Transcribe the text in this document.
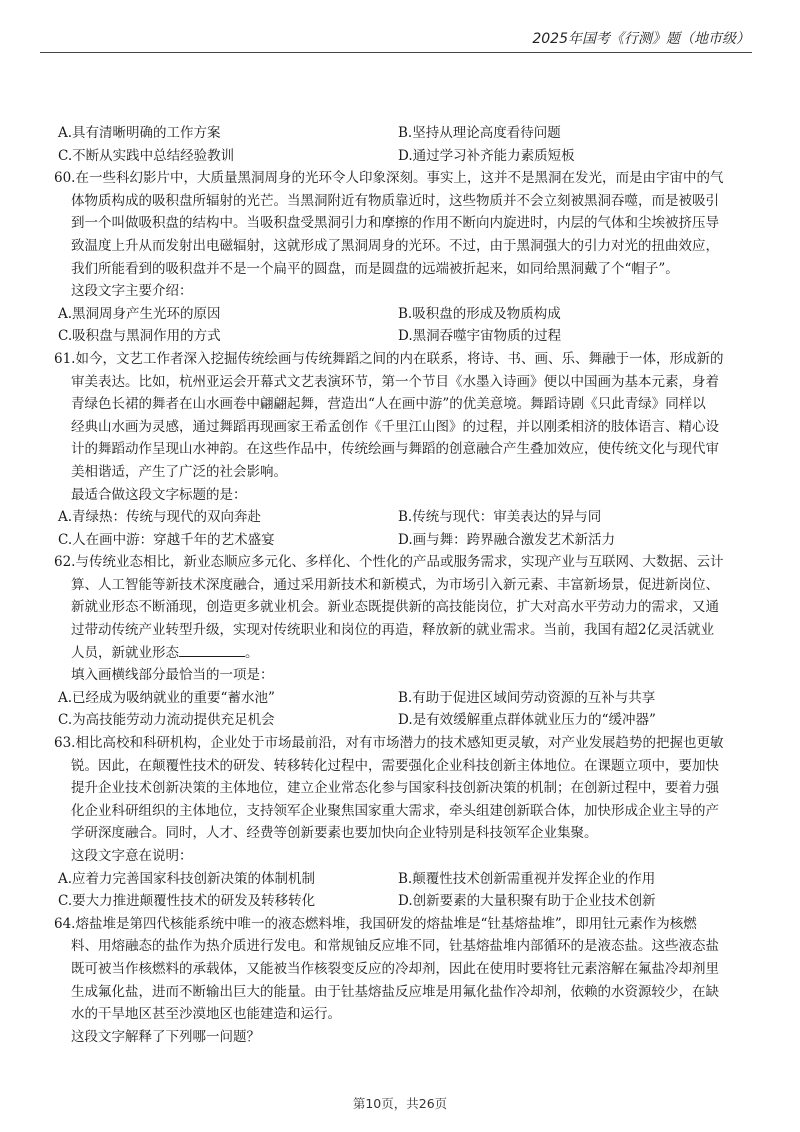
2025年国考《行测》题（地市级）
A.具有清晰明确的工作方案	B.坚持从理论高度看待问题
C.不断从实践中总结经验教训	D.通过学习补齐能力素质短板
60.在一些科幻影片中，大质量黑洞周身的光环令人印象深刻。事实上，这并不是黑洞在发光，而是由宇宙中的气
体物质构成的吸积盘所辐射的光芒。当黑洞附近有物质靠近时，这些物质并不会立刻被黑洞吞噬，而是被吸引
到一个叫做吸积盘的结构中。当吸积盘受黑洞引力和摩擦的作用不断向内旋进时，内层的气体和尘埃被挤压导
致温度上升从而发射出电磁辐射，这就形成了黑洞周身的光环。不过，由于黑洞强大的引力对光的扭曲效应，
我们所能看到的吸积盘并不是一个扁平的圆盘，而是圆盘的远端被折起来，如同给黑洞戴了个“帽子”。
这段文字主要介绍：
A.黑洞周身产生光环的原因	B.吸积盘的形成及物质构成
C.吸积盘与黑洞作用的方式	D.黑洞吞噬宇宙物质的过程
61.如今，文艺工作者深入挖掘传统绘画与传统舞蹈之间的内在联系，将诗、书、画、乐、舞融于一体，形成新的
审美表达。比如，杭州亚运会开幕式文艺表演环节，第一个节目《水墨入诗画》便以中国画为基本元素，身着
青绿色长裙的舞者在山水画卷中翩翩起舞，营造出“人在画中游”的优美意境。舞蹈诗剧《只此青绿》同样以
经典山水画为灵感，通过舞蹈再现画家王希孟创作《千里江山图》的过程，并以刚柔相济的肢体语言、精心设
计的舞蹈动作呈现山水神韵。在这些作品中，传统绘画与舞蹈的创意融合产生叠加效应，使传统文化与现代审
美相谐适，产生了广泛的社会影响。
最适合做这段文字标题的是：
A.青绿热：传统与现代的双向奔赴	B.传统与现代：审美表达的异与同
C.人在画中游：穿越千年的艺术盛宴	D.画与舞：跨界融合激发艺术新活力
62.与传统业态相比，新业态顺应多元化、多样化、个性化的产品或服务需求，实现产业与互联网、大数据、云计
算、人工智能等新技术深度融合，通过采用新技术和新模式，为市场引入新元素、丰富新场景，促进新岗位、
新就业形态不断涌现，创造更多就业机会。新业态既提供新的高技能岗位，扩大对高水平劳动力的需求，又通
过带动传统产业转型升级，实现对传统职业和岗位的再造，释放新的就业需求。当前，我国有超2亿灵活就业
人员，新就业形态	。
填入画横线部分最恰当的一项是：
A.已经成为吸纳就业的重要“蓄水池”	B.有助于促进区域间劳动资源的互补与共享
C.为高技能劳动力流动提供充足机会	D.是有效缓解重点群体就业压力的“缓冲器”
63.相比高校和科研机构，企业处于市场最前沿，对有市场潜力的技术感知更灵敏，对产业发展趋势的把握也更敏
锐。因此，在颠覆性技术的研发、转移转化过程中，需要强化企业科技创新主体地位。在课题立项中，要加快
提升企业技术创新决策的主体地位，建立企业常态化参与国家科技创新决策的机制；在创新过程中，要着力强
化企业科研组织的主体地位，支持领军企业聚焦国家重大需求，牵头组建创新联合体，加快形成企业主导的产
学研深度融合。同时，人才、经费等创新要素也要加快向企业特别是科技领军企业集聚。
这段文字意在说明：
A.应着力完善国家科技创新决策的体制机制	B.颠覆性技术创新需重视并发挥企业的作用
C.要大力推进颠覆性技术的研发及转移转化	D.创新要素的大量积聚有助于企业技术创新
64.熔盐堆是第四代核能系统中唯一的液态燃料堆，我国研发的熔盐堆是“钍基熔盐堆”，即用钍元素作为核燃
料、用熔融态的盐作为热介质进行发电。和常规铀反应堆不同，钍基熔盐堆内部循环的是液态盐。这些液态盐
既可被当作核燃料的承载体，又能被当作核裂变反应的冷却剂，因此在使用时要将钍元素溶解在氟盐冷却剂里
生成氟化盐，进而不断输出巨大的能量。由于钍基熔盐反应堆是用氟化盐作冷却剂，依赖的水资源较少，在缺
水的干旱地区甚至沙漠地区也能建造和运行。
这段文字解释了下列哪一问题？
第10页，共26页
